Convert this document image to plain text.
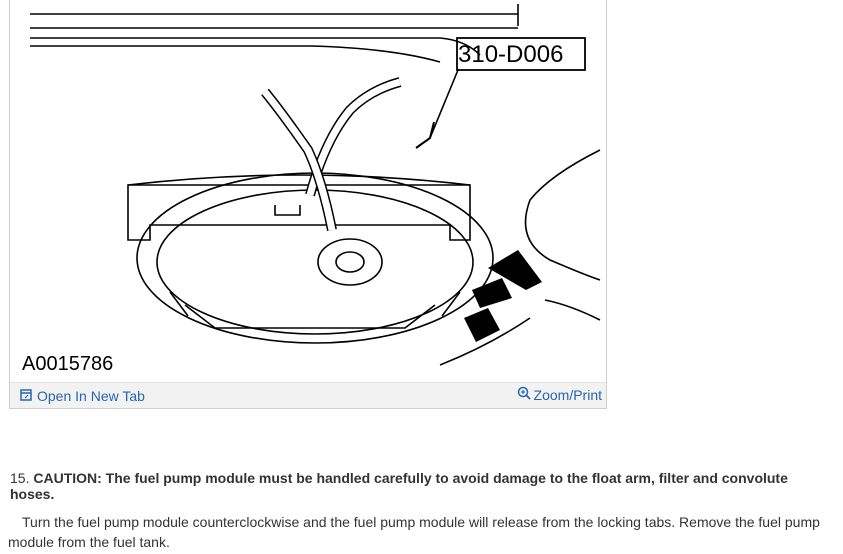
310-D006
A0015786
Open In New Tab	Zoom/Print
15. CAUTION: The fuel pump module must be handled carefully to avoid damage to the float arm, filter and convolute hoses.
Turn the fuel pump module counterclockwise and the fuel pump module will release from the locking tabs. Remove the fuel pump module from the fuel tank.
